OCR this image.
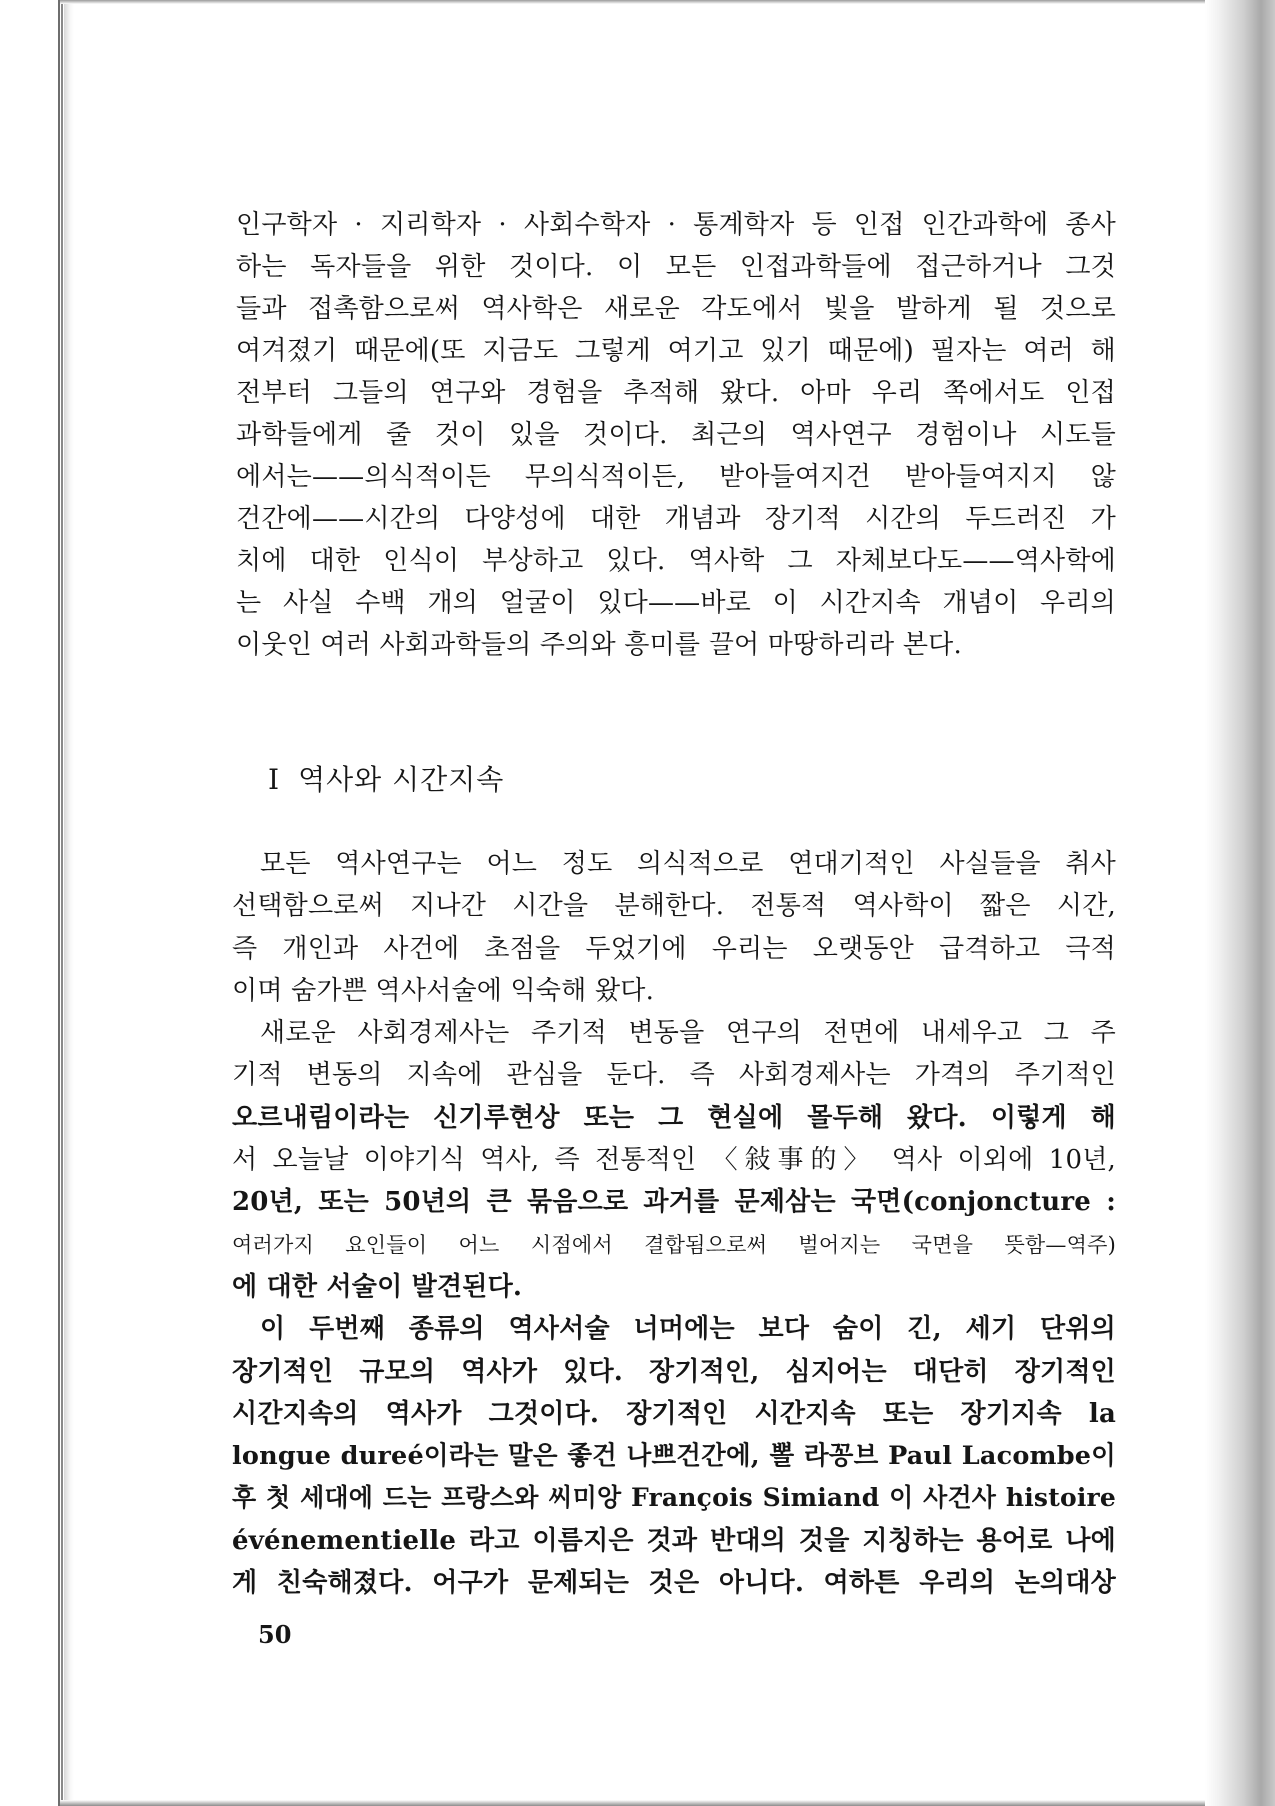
인구학자 · 지리학자 · 사회수학자 · 통계학자 등 인접 인간과학에 종사
하는 독자들을 위한 것이다. 이 모든 인접과학들에 접근하거나 그것
들과 접촉함으로써 역사학은 새로운 각도에서 빛을 발하게 될 것으로
여겨졌기 때문에(또 지금도 그렇게 여기고 있기 때문에) 필자는 여러 해
전부터 그들의 연구와 경험을 추적해 왔다. 아마 우리 쪽에서도 인접
과학들에게 줄 것이 있을 것이다. 최근의 역사연구 경험이나 시도들
에서는——의식적이든 무의식적이든, 받아들여지건 받아들여지지 않
건간에——시간의 다양성에 대한 개념과 장기적 시간의 두드러진 가
치에 대한 인식이 부상하고 있다. 역사학 그 자체보다도——역사학에
는 사실 수백 개의 얼굴이 있다——바로 이 시간지속 개념이 우리의
이웃인 여러 사회과학들의 주의와 흥미를 끌어 마땅하리라 본다.
I 역사와 시간지속
모든 역사연구는 어느 정도 의식적으로 연대기적인 사실들을 취사
선택함으로써 지나간 시간을 분해한다. 전통적 역사학이 짧은 시간,
즉 개인과 사건에 초점을 두었기에 우리는 오랫동안 급격하고 극적
이며 숨가쁜 역사서술에 익숙해 왔다.
새로운 사회경제사는 주기적 변동을 연구의 전면에 내세우고 그 주
기적 변동의 지속에 관심을 둔다. 즉 사회경제사는 가격의 주기적인
오르내림이라는 신기루현상 또는 그 현실에 몰두해 왔다. 이렇게 해
서 오늘날 이야기식 역사, 즉 전통적인 〈敍事的〉 역사 이외에 10년,
20년, 또는 50년의 큰 묶음으로 과거를 문제삼는 국면(conjoncture :
여러가지 요인들이 어느 시점에서 결합됨으로써 벌어지는 국면을 뜻함—역주)
에 대한 서술이 발견된다.
이 두번째 종류의 역사서술 너머에는 보다 숨이 긴, 세기 단위의
장기적인 규모의 역사가 있다. 장기적인, 심지어는 대단히 장기적인
시간지속의 역사가 그것이다. 장기적인 시간지속 또는 장기지속 la
longue dureé이라는 말은 좋건 나쁘건간에, 뽈 라꽁브 Paul Lacombe이
후 첫 세대에 드는 프랑스와 씨미앙 François Simiand 이 사건사 histoire
événementielle 라고 이름지은 것과 반대의 것을 지칭하는 용어로 나에
게 친숙해졌다. 어구가 문제되는 것은 아니다. 여하튼 우리의 논의대상
50
